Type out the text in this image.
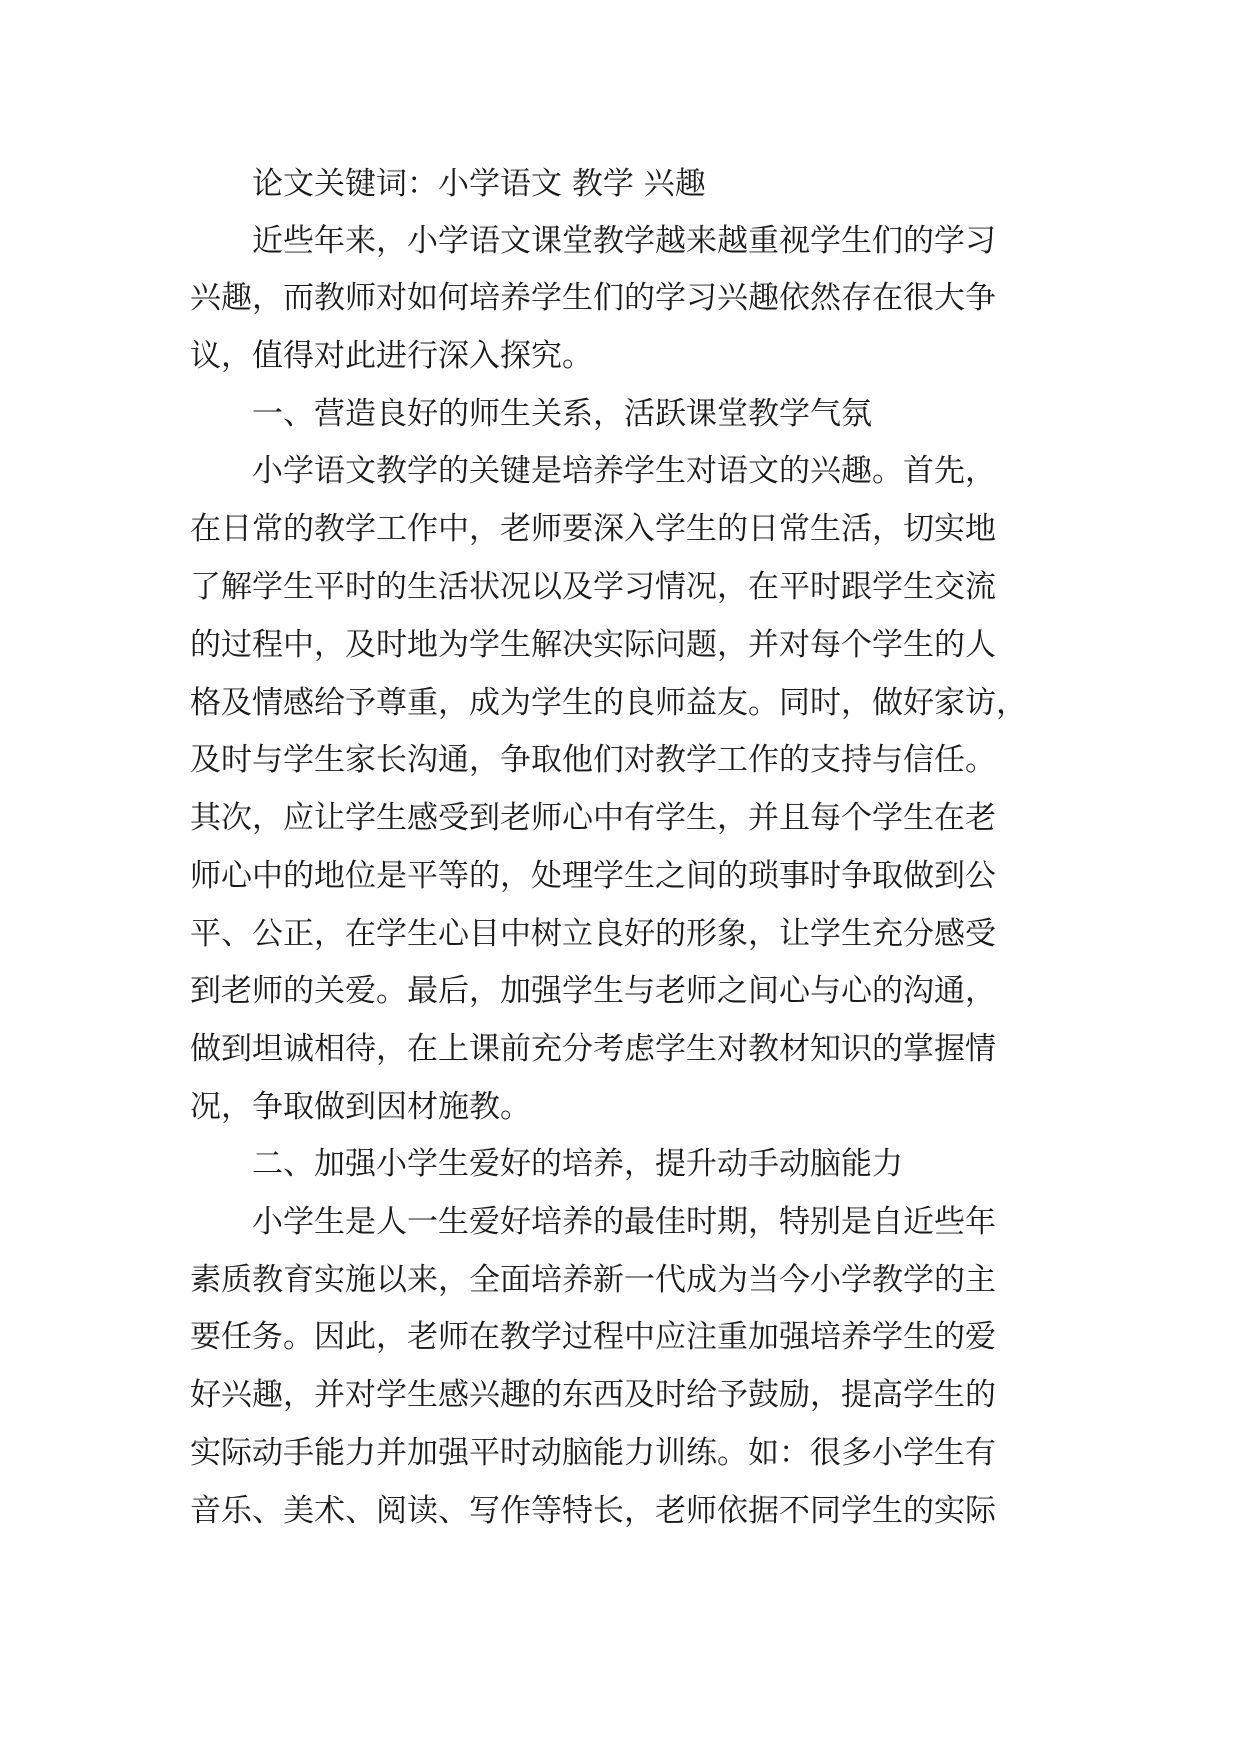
论文关键词：小学语文 教学 兴趣

近些年来，小学语文课堂教学越来越重视学生们的学习

兴趣，而教师对如何培养学生们的学习兴趣依然存在很大争

议，值得对此进行深入探究。

一、营造良好的师生关系，活跃课堂教学气氛

小学语文教学的关键是培养学生对语文的兴趣。首先，

在日常的教学工作中，老师要深入学生的日常生活，切实地

了解学生平时的生活状况以及学习情况，在平时跟学生交流

的过程中，及时地为学生解决实际问题，并对每个学生的人

格及情感给予尊重，成为学生的良师益友。同时，做好家访，

及时与学生家长沟通，争取他们对教学工作的支持与信任。

其次，应让学生感受到老师心中有学生，并且每个学生在老

师心中的地位是平等的，处理学生之间的琐事时争取做到公

平、公正，在学生心目中树立良好的形象，让学生充分感受

到老师的关爱。最后，加强学生与老师之间心与心的沟通，

做到坦诚相待，在上课前充分考虑学生对教材知识的掌握情

况，争取做到因材施教。

二、加强小学生爱好的培养，提升动手动脑能力

小学生是人一生爱好培养的最佳时期，特别是自近些年

素质教育实施以来，全面培养新一代成为当今小学教学的主

要任务。因此，老师在教学过程中应注重加强培养学生的爱

好兴趣，并对学生感兴趣的东西及时给予鼓励，提高学生的

实际动手能力并加强平时动脑能力训练。如：很多小学生有

音乐、美术、阅读、写作等特长，老师依据不同学生的实际
